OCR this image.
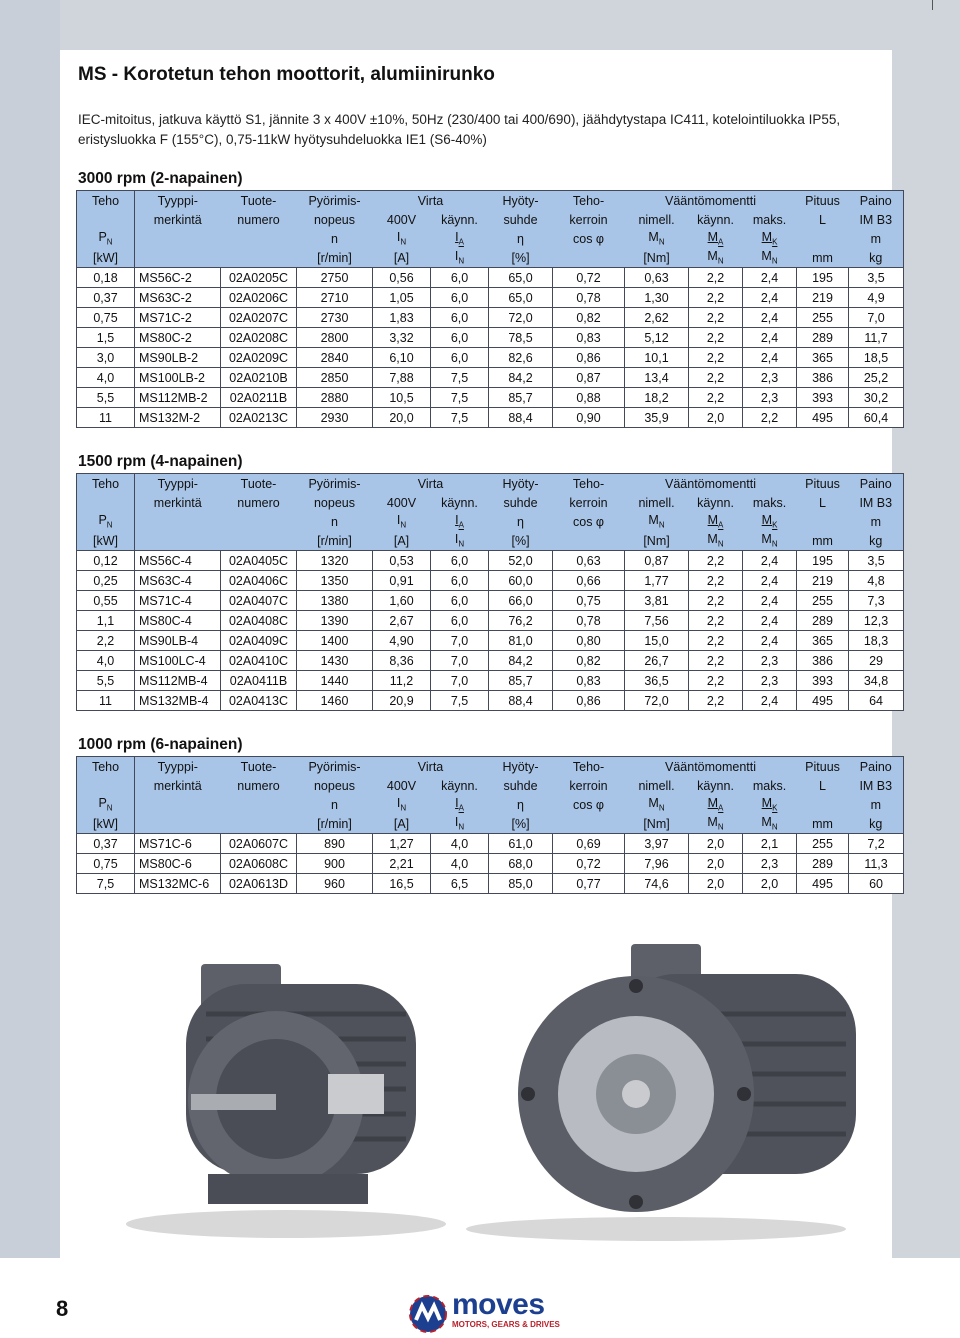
MS - Korotetun tehon moottorit, alumiinirunko
IEC-mitoitus, jatkuva käyttö S1, jännite 3 x 400V ±10%, 50Hz (230/400 tai 400/690), jäähdytystapa IC411, kotelointiluokka IP55, eristysluokka F (155°C), 0,75-11kW hyötysuhdeluokka IE1 (S6-40%)
3000 rpm (2-napainen)
Teho	Tyyppi-	Tuote-	Pyörimis-	Virta		Hyöty-	Teho-	Vääntömomentti			Pituus	Paino
	merkintä	numero	nopeus	400V	käynn.	suhde	kerroin	nimell.	käynn.	maks.	L	IM B3
$P_N$			n	$I_N$	$I_A$	η	cos φ	$M_N$	$M_A$	$M_K$		m
[kW]			[r/min]	[A]	$I_N$	[%]		[Nm]	$M_N$	$M_N$	mm	kg
0,18	MS56C-2	02A0205C	2750	0,56	6,0	65,0	0,72	0,63	2,2	2,4	195	3,5
0,37	MS63C-2	02A0206C	2710	1,05	6,0	65,0	0,78	1,30	2,2	2,4	219	4,9
0,75	MS71C-2	02A0207C	2730	1,83	6,0	72,0	0,82	2,62	2,2	2,4	255	7,0
1,5	MS80C-2	02A0208C	2800	3,32	6,0	78,5	0,83	5,12	2,2	2,4	289	11,7
3,0	MS90LB-2	02A0209C	2840	6,10	6,0	82,6	0,86	10,1	2,2	2,4	365	18,5
4,0	MS100LB-2	02A0210B	2850	7,88	7,5	84,2	0,87	13,4	2,2	2,3	386	25,2
5,5	MS112MB-2	02A0211B	2880	10,5	7,5	85,7	0,88	18,2	2,2	2,3	393	30,2
11	MS132M-2	02A0213C	2930	20,0	7,5	88,4	0,90	35,9	2,0	2,2	495	60,4
1500 rpm (4-napainen)
Teho	Tyyppi-	Tuote-	Pyörimis-	Virta		Hyöty-	Teho-	Vääntömomentti			Pituus	Paino
	merkintä	numero	nopeus	400V	käynn.	suhde	kerroin	nimell.	käynn.	maks.	L	IM B3
$P_N$			n	$I_N$	$I_A$	η	cos φ	$M_N$	$M_A$	$M_K$		m
[kW]			[r/min]	[A]	$I_N$	[%]		[Nm]	$M_N$	$M_N$	mm	kg
0,12	MS56C-4	02A0405C	1320	0,53	6,0	52,0	0,63	0,87	2,2	2,4	195	3,5
0,25	MS63C-4	02A0406C	1350	0,91	6,0	60,0	0,66	1,77	2,2	2,4	219	4,8
0,55	MS71C-4	02A0407C	1380	1,60	6,0	66,0	0,75	3,81	2,2	2,4	255	7,3
1,1	MS80C-4	02A0408C	1390	2,67	6,0	76,2	0,78	7,56	2,2	2,4	289	12,3
2,2	MS90LB-4	02A0409C	1400	4,90	7,0	81,0	0,80	15,0	2,2	2,4	365	18,3
4,0	MS100LC-4	02A0410C	1430	8,36	7,0	84,2	0,82	26,7	2,2	2,3	386	29
5,5	MS112MB-4	02A0411B	1440	11,2	7,0	85,7	0,83	36,5	2,2	2,3	393	34,8
11	MS132MB-4	02A0413C	1460	20,9	7,5	88,4	0,86	72,0	2,2	2,4	495	64
1000 rpm (6-napainen)
Teho	Tyyppi-	Tuote-	Pyörimis-	Virta		Hyöty-	Teho-	Vääntömomentti			Pituus	Paino
	merkintä	numero	nopeus	400V	käynn.	suhde	kerroin	nimell.	käynn.	maks.	L	IM B3
$P_N$			n	$I_N$	$I_A$	η	cos φ	$M_N$	$M_A$	$M_K$		m
[kW]			[r/min]	[A]	$I_N$	[%]		[Nm]	$M_N$	$M_N$	mm	kg
0,37	MS71C-6	02A0607C	890	1,27	4,0	61,0	0,69	3,97	2,0	2,1	255	7,2
0,75	MS80C-6	02A0608C	900	2,21	4,0	68,0	0,72	7,96	2,0	2,3	289	11,3
7,5	MS132MC-6	02A0613D	960	16,5	6,5	85,0	0,77	74,6	2,0	2,0	495	60
8	moves
MOTORS, GEARS & DRIVES
